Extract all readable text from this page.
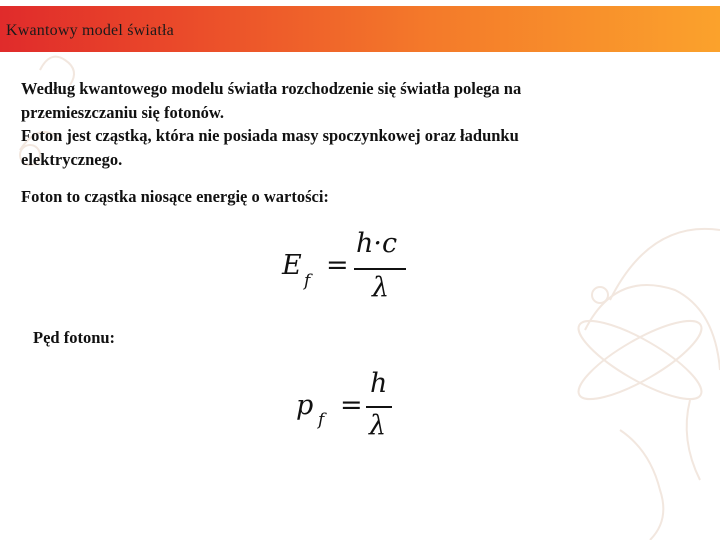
Kwantowy model światła

Według kwantowego modelu światła rozchodzenie się światła polega na

przemieszczaniu się fotonów.

Foton jest cząstką, która nie posiada masy spoczynkowej oraz ładunku

elektrycznego.

Foton to cząstka niosące energię o wartości:
E f =
h·c
λ
Pęd fotonu:
p f =
h
λ
